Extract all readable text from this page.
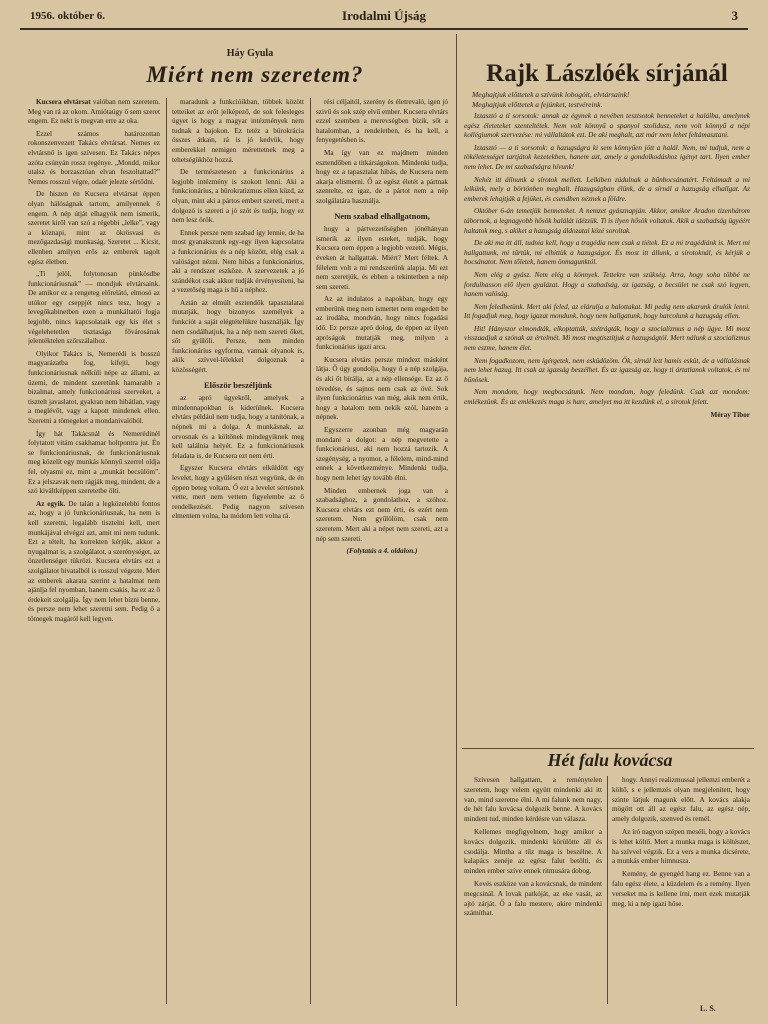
1956. október 6.	Irodalmi Újság	3
Háy Gyula
Miért nem szeretem?

Kucsera elvtársat valóban nem szeretem. Meg van rá az okom. Amiótaúgy ő sem szeret engem. Ez nekt is megvan erre az oka.

Ezzel számos határozottan rokonszenvezett Takács elvtársat. Nemes ez elvtársnő is igen szívesen. Ez Takács népes azóta csúnyán rossz regénye. „Mondd, mikor utalsz és borzasztóan elvan feszoltattad?” Nemes rosszul végre, odaér jelezte sértődni.

De hiszen én Kucsera elvtársat éppen olyan hálóságnak tartom, amilyennek ő engem. A nép útját elhagyók nem ismerik, szeretet kiről van szó a régebbi „lelke”, vagy a köznapi, mint az ökrösvasi és mezőgazdasági munkaság. Szeretet ... Kicsit, ellenben amilyen erős az emberek tagolt egész életben.

„Ti jelöl, folytonosan pünkösdbe funkcionáriusnak” — mondjuk elvtársaink. De amikor ez a rengeteg előrelátó, elmosó az utókor egy cseppjét nincs tesz, hogy a levegőkabinetben ezen a munkáltatói fogja legjobb, nincs kapcsolataik egy kis élet s végelehetetlen tisztasága fővárosának jelentéktelen szőrszálaihoz.

Olyikor Takács is, Nemerédi is hosszú magyarázatba fog, kifejti, hogy funkcionáriusnak nélküli népe az állami, az üzemi, de mindent szeretünk hamarabb a bizalmat, amely funkcionáriusi szerveket, a tisztelt javaslatot, gyakran nem hibátlan, vagy a meglévőt, vagy a kapott mindenek ellen. Szeretni a tömegeket a mondanivalóból.

Így hát Takácsnál és Nemerédinél folytatott vitám csakhamar holtpontra jut. Én se funkcionáriusnak, de funkcionáriusnak meg közelít egy munkás könnyű szerrel oldja fel, olyasmi ez, mint a „munkát becsülöm”. Ez a jelszavak nem rágják meg, mindent, de a szó kiváltképpen szeretetbe ölti.

Az egyik. De talán a legközelebbi fontos az, hogy a jó funkcionáriusnak, ha nem is kell szeretni, legalább tisztelni kell, mert munkájával elvégzi azt, amit mi nem tudunk. Ezt a tételt, ha korrekten kérjük, akkor a nyugalmat is, a szolgálatot, a szerénységet, az önzetlenséget tükrözi. Kucsera elvtárs ezt a szolgálatot hivatalból is rosszul végezte. Mert az emberek akarata szerint a hatalmat nem ajánlja fel nyomban, hanem csakis, ha ez az ő érdekeit szolgálja. Így nem lehet bízni benne, és persze nem lehet szeretni sem. Pedig ő a tömegek magáról kell legyen.

maradunk a funkcióikban, többek között tetteiket az erőt jelképező, de sok felesleges ügyet is hogy a magyar intézmények nem tudnak a bajokon. Ez tetéz a bürokrácia összes átkain, rá is jó kedvük, hogy emberekkel nemigen mérettetnek meg a tehetségükhöz hozzá.

De természetesen a funkcionárius a legjobb intézmény is szokott lenni. Aki a funkcionárius, a bürokratizmus ellen küzd, az olyan, mint aki a pártos embert szereti, mert a dolgozó is szereti a jó szót és tudja, hogy ez nem lesz örök.

Ennek persze nem szabad így lennie, de ha most gyanakszunk egy-egy ilyen kapcsolatra a funkcionárius és a nép között, elég csak a valóságot nézni. Nem hibás a funkcionárius, aki a rendszer eszköze. A szervezetek a jó szándékot csak akkor tudják érvényesíteni, ha a vezetőség maga is hű a néphez.

Aztán az elmúlt esztendők tapasztalatai mutatják, hogy bizonyos személyek a funkciót a saját elégtételükre használják. Így nem csodálhatjuk, ha a nép nem szereti őket, sőt gyűlöli. Persze, nem minden funkcionárius egyforma, vannak olyanok is, akik szívvel-lélekkel dolgoznak a közösségért.

Először beszéljünk

az apró ügyekről, amelyek a mindennapokban is kiderülnek. Kucsera elvtárs például nem tudja, hogy a tanítónak, a népnek mi a dolga. A munkásnak, az orvosnak és a költőnek mindegyiknek meg kell találnia helyét. Ez a funkcionáriusok feladata is, de Kucsera ezt nem érti.

Egyszer Kucsera elvtárs elküldött egy levelet, hogy a gyűlésen részt vegyünk, de én éppen beteg voltam. Ő ezt a levelet sértésnek vette, mert nem vettem figyelembe az ő rendelkezését. Pedig nagyon szívesen elmentem volna, ha módom lett volna rá.

rési céljaitól, szerény és életrevaló, igen jó szivű és sok szép elvű ember. Kucsera elvtárs ezzel szemben a merevségben bízik, sőt a hatalomban, a rendeletben, és ha kell, a fenyegetésben is.

Ma így van ez majdnem minden esztendőben a titkárságokon. Mindenki tudja, hogy ez a tapasztalat hibás, de Kucsera nem akarja elismerni. Ő az egész életét a pártnak szentelte, ez igaz, de a pártot nem a nép szolgálatára használja.

Nem szabad elhallgatnom,

hogy a pártvezetőségben jónéhányan ismerik az ilyen esteket, tudják, hogy Kucsera nem éppen a legjobb vezető. Mégis, éveken át hallgattak. Miért? Mert féltek. A félelem volt a mi rendszerünk alapja. Mi ezt nem szeretjük, és ebben a tekintetben a nép sem szereti.

Az az indulatos a napokban, hogy egy emberünk meg nem ismertet nem engedett be az irodába, mondván, hogy nincs fogadási idő. Ez persze apró dolog, de éppen az ilyen apróságok mutatják meg, milyen a funkcionárius igazi arca.

Kucsera elvtárs persze mindezt másként látja. Ő úgy gondolja, hogy ő a nép szolgája, és aki őt bírálja, az a nép ellensége. Ez az ő tévedése, és sajnos nem csak az övé. Sok ilyen funkcionárius van még, akik nem értik, hogy a hatalom nem nekik szól, hanem a népnek.

Egyszerre azonban még magyarán mondani a dolgot: a nép megvetette a funkcionáriust, aki nem hozzá tartozik. A szegénység, a nyomor, a félelem, mind-mind ennek a következménye. Mindenki tudja, hogy nem lehet így tovább élni.

Minden embernek joga van a szabadsághoz, a gondolathoz, a szóhoz. Kucsera elvtárs ezt nem érti, és ezért nem szeretem. Nem gyűlölöm, csak nem szeretem. Mert aki a népet nem szereti, azt a nép sem szereti.

(Folytatás a 4. oldalon.)
Rajk Lászlóék sírjánál
Meghajtjuk előttetek a szívünk lobogóit, elvtársaink!
Meghajtjuk előttetek a fejünket, testvéreink.

Izzasztó a tí sorsotok: annak az égynek a nevében tesztsotok benneteket a halálba, amelynek egész életeteket szenteltétek. Nem volt könnyű a spanyol szolidusz, nem volt könnyű a népi kollégiumok szervezése: mi vállaltátok ezt. De aki meghalt, azt már nem lehet feltámasztani.

Izzasztó — a ti sorsotok: a hazugságra ki sem könnyűen jött a halál. Nem, mi tudjuk, nem a tökéletességet tartjátok kezetekben, hanem azt, amely a gondolkodáshoz igényt tart. Ilyen ember nem lehet. De mi szabadságra hívunk!

Nehéz itt állnunk a sírotok mellett. Lelkiben zúdulnak a bűnbocsánatért. Feltámadt a mi lelkünk, mely a börtönben meghalt. Hazugságban élünk, de a sírnál a hazugság elhallgat. Az emberek lehajtják a fejüket, és csendben néznek a földre.

Október 6-án temetjük benneteket. A nemzet gyásznapján. Akkor, amikor Aradon tizenhárom tábornok, a legnagyobb hősök halálát idézzük. Ti is ilyen hősök voltatok. Akik a szabadság ügyéért haltatok meg, s akiket a hazugság áldozatai közé soroltak.

De aki ma itt áll, tudnia kell, hogy a tragédia nem csak a tiétek. Ez a mi tragédiánk is. Mert mi hallgattunk, mi tűrtük, mi elhittük a hazugságot. És most itt állunk, a sírotoknál, és kérjük a bocsánatot. Nem tőletek, hanem önmagunktól.

Nem elég a gyász. Nem elég a könnyek. Tettekre van szükség. Arra, hogy soha többé ne fordulhasson elő ilyen gyalázat. Hogy a szabadság, az igazság, a becsület ne csak szó legyen, hanem valóság.

Nem feledhetünk. Mert aki feled, az elárulja a halottakat. Mi pedig nem akarunk árulók lenni. Itt fogadjuk meg, hogy igazat mondunk, hogy nem hallgatunk, hogy harcolunk a hazugság ellen.

Hit! Hányszor elmondták, elkoptatták, szétrágták, hogy a szocializmus a nép ügye. Mi most visszaadjuk a szónak az értelmét. Mi most megtisztítjuk a hazugságtól. Mert nálunk a szocializmus nem eszme, hanem élet.

Nem fogadkozom, nem ígérgetek, nem esküdözöm. Ők, sírnál lett hamis esküt, de a vállalásnak nem lehet hazug. Itt csak az igazság beszélhet. És az igazság az, hogy ti ártatlanok voltatok, és mi bűnösek.

Nem mondom, hogy megbocsátunk. Nem mondom, hogy feledünk. Csak azt mondom: emlékezünk. És az emlékezés maga is harc, amelyet ma itt kezdünk el, a sírotok felett.

Méray Tibor
Hét falu kovácsa

Szívesen hallgattam, a reménytelen szeretem, hogy velem együtt mindenki aki itt van, mind szeretne élni. A mi falunk nem nagy, de hét falu kovácsa dolgozik benne. A kovács mindent tud, minden kérdésre van válasza.

Kellemes megfigyelnem, hogy amikor a kovács dolgozik, mindenki körülötte áll és csodálja. Mintha a tűz maga is beszélne. A kalapács zenéje az egész falut betölti, és minden ember szíve ennek ritmusára dobog.

Kevés eszköze van a kovácsnak, de mindent megcsinál. A lovak patkóját, az eke vasát, az ajtó zárját. Ő a falu mestere, akire mindenki számíthat.

hogy. Annyi realizmussal jellemzi emberét a költő, s e jellemzés olyan megjelenített, hogy szinte látjuk magunk előtt. A kovács alakja mögött ott áll az egész falu, az egész nép, amely dolgozik, szenved és remél.

Az író nagyon szépen meséli, hogy a kovács is lehet költő. Mert a munka maga is költészet, ha szívvel végzik. Ez a vers a munka dicsérete, a munkás ember himnusza.

Kemény, de gyengéd hang ez. Benne van a falu egész élete, a küzdelem és a remény. Ilyen verseket ma is kellene írni, mert ezek mutatják meg, ki a nép igazi hőse.

L. S.
